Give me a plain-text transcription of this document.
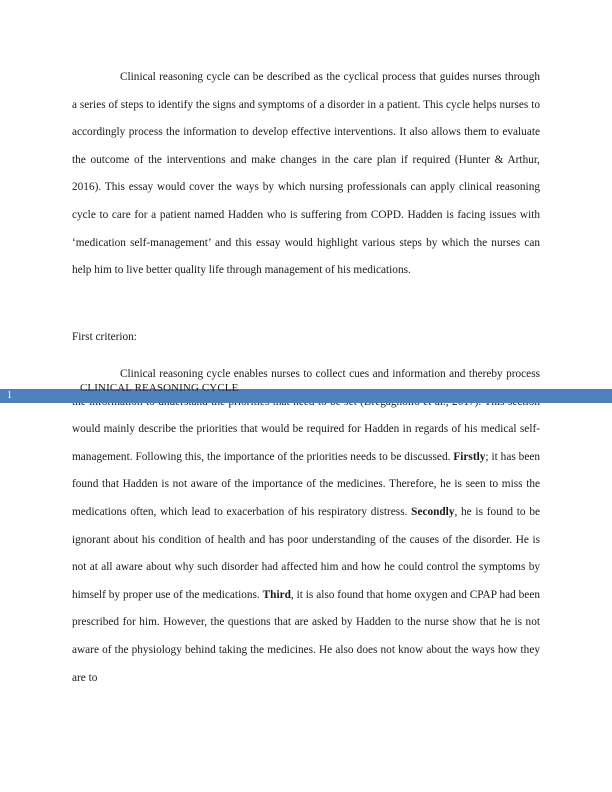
Clinical reasoning cycle can be described as the cyclical process that guides nurses through a series of steps to identify the signs and symptoms of a disorder in a patient. This cycle helps nurses to accordingly process the information to develop effective interventions. It also allows them to evaluate the outcome of the interventions and make changes in the care plan if required (Hunter & Arthur, 2016). This essay would cover the ways by which nursing professionals can apply clinical reasoning cycle to care for a patient named Hadden who is suffering from COPD. Hadden is facing issues with ‘medication self-management’ and this essay would highlight various steps by which the nurses can help him to live better quality life through management of his medications.

First criterion:

Clinical reasoning cycle enables nurses to collect cues and information and thereby process would mainly describe the priorities that would be required for Hadden in regards of his medical self-management. Following this, the importance of the priorities needs to be discussed. Firstly; it has been found that Hadden is not aware of the importance of the medicines. Therefore, he is seen to miss the medications often, which lead to exacerbation of his respiratory distress. Secondly, he is found to be ignorant about his condition of health and has poor understanding of the causes of the disorder. He is not at all aware about why such disorder had affected him and how he could control the symptoms by himself by proper use of the medications. Third, it is also found that home oxygen and CPAP had been prescribed for him. However, the questions that are asked by Hadden to the nurse show that he is not aware of the physiology behind taking the medicines. He also does not know about the ways how they are to

1
CLINICAL REASONING CYCLE
